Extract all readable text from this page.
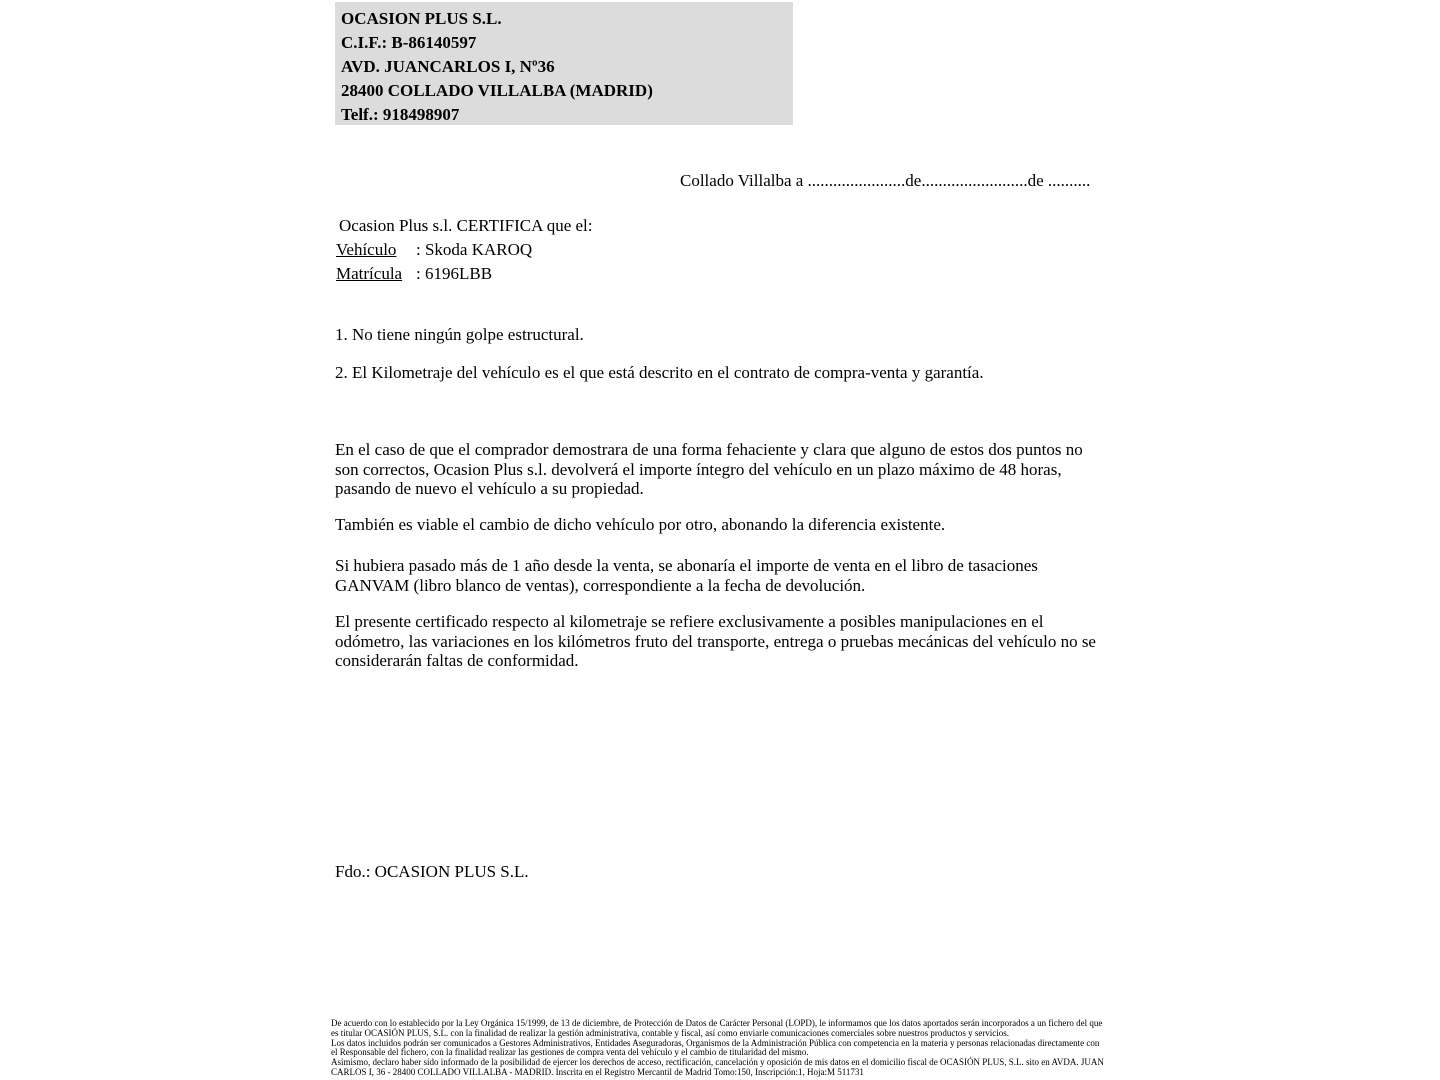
OCASION PLUS S.L.
C.I.F.: B-86140597
AVD. JUANCARLOS I, Nº36
28400 COLLADO VILLALBA (MADRID)
Telf.: 918498907
Collado Villalba a .......................de.........................de ..........
Ocasion Plus s.l. CERTIFICA que el:
Vehículo : Skoda KAROQ
Matrícula : 6196LBB
1. No tiene ningún golpe estructural.
2. El Kilometraje del vehículo es el que está descrito en el contrato de compra-venta y garantía.
En el caso de que el comprador demostrara de una forma fehaciente y clara que alguno de estos dos puntos no son correctos, Ocasion Plus s.l. devolverá el importe íntegro del vehículo en un plazo máximo de 48 horas, pasando de nuevo el vehículo a su propiedad.
También es viable el cambio de dicho vehículo por otro, abonando la diferencia existente.
Si hubiera pasado más de 1 año desde la venta, se abonaría el importe de venta en el libro de tasaciones GANVAM (libro blanco de ventas), correspondiente a la fecha de devolución.
El presente certificado respecto al kilometraje se refiere exclusivamente a posibles manipulaciones en el odómetro, las variaciones en los kilómetros fruto del transporte, entrega o pruebas mecánicas del vehículo no se considerarán faltas de conformidad.
Fdo.: OCASION PLUS S.L.

De acuerdo con lo establecido por la Ley Orgánica 15/1999, de 13 de diciembre, de Protección de Datos de Carácter Personal (LOPD), le informamos que los datos aportados serán incorporados a un fichero del que es titular OCASIÓN PLUS, S.L. con la finalidad de realizar la gestión administrativa, contable y fiscal, así como enviarle comunicaciones comerciales sobre nuestros productos y servicios.

Los datos incluidos podrán ser comunicados a Gestores Administrativos, Entidades Aseguradoras, Organismos de la Administración Pública con competencia en la materia y personas relacionadas directamente con el Responsable del fichero, con la finalidad realizar las gestiones de compra venta del vehículo y el cambio de titularidad del mismo.

Asimismo, declaro haber sido informado de la posibilidad de ejercer los derechos de acceso, rectificación, cancelación y oposición de mis datos en el domicilio fiscal de OCASIÓN PLUS, S.L. sito en AVDA. JUAN CARLOS I, 36 - 28400 COLLADO VILLALBA - MADRID. Inscrita en el Registro Mercantil de Madrid Tomo:150, Inscripción:1, Hoja:M 511731
